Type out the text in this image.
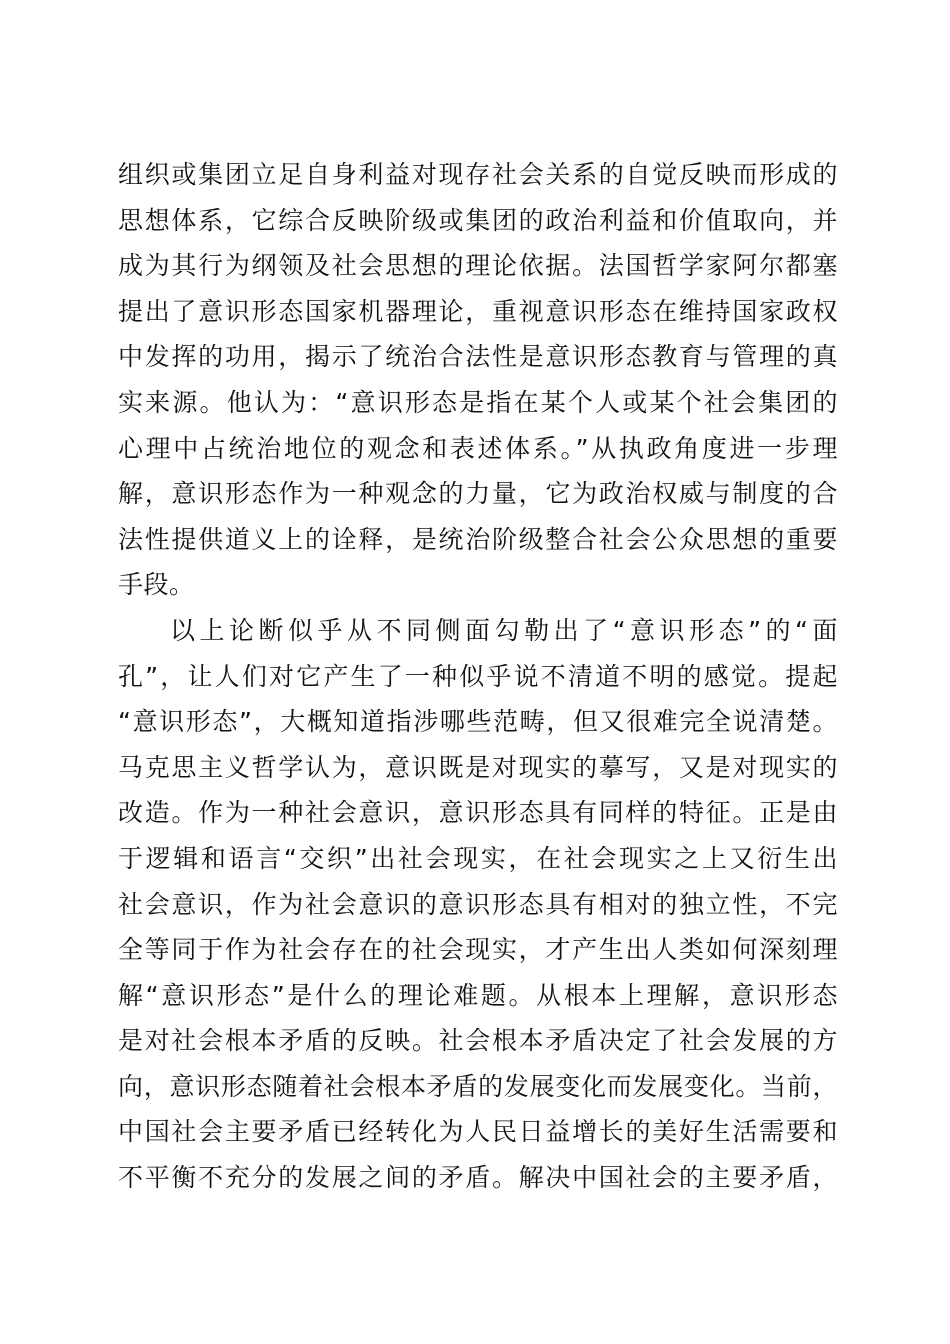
组织或集团立足自身利益对现存社会关系的自觉反映而形成的
思想体系，它综合反映阶级或集团的政治利益和价值取向，并
成为其行为纲领及社会思想的理论依据。法国哲学家阿尔都塞
提出了意识形态国家机器理论，重视意识形态在维持国家政权
中发挥的功用，揭示了统治合法性是意识形态教育与管理的真
实来源。他认为：“意识形态是指在某个人或某个社会集团的
心理中占统治地位的观念和表述体系。”从执政角度进一步理
解，意识形态作为一种观念的力量，它为政治权威与制度的合
法性提供道义上的诠释，是统治阶级整合社会公众思想的重要
手段。
以上论断似乎从不同侧面勾勒出了“意识形态”的“面
孔”，让人们对它产生了一种似乎说不清道不明的感觉。提起
“意识形态”，大概知道指涉哪些范畴，但又很难完全说清楚。
马克思主义哲学认为，意识既是对现实的摹写，又是对现实的
改造。作为一种社会意识，意识形态具有同样的特征。正是由
于逻辑和语言“交织”出社会现实，在社会现实之上又衍生出
社会意识，作为社会意识的意识形态具有相对的独立性，不完
全等同于作为社会存在的社会现实，才产生出人类如何深刻理
解“意识形态”是什么的理论难题。从根本上理解，意识形态
是对社会根本矛盾的反映。社会根本矛盾决定了社会发展的方
向，意识形态随着社会根本矛盾的发展变化而发展变化。当前，
中国社会主要矛盾已经转化为人民日益增长的美好生活需要和
不平衡不充分的发展之间的矛盾。解决中国社会的主要矛盾，
